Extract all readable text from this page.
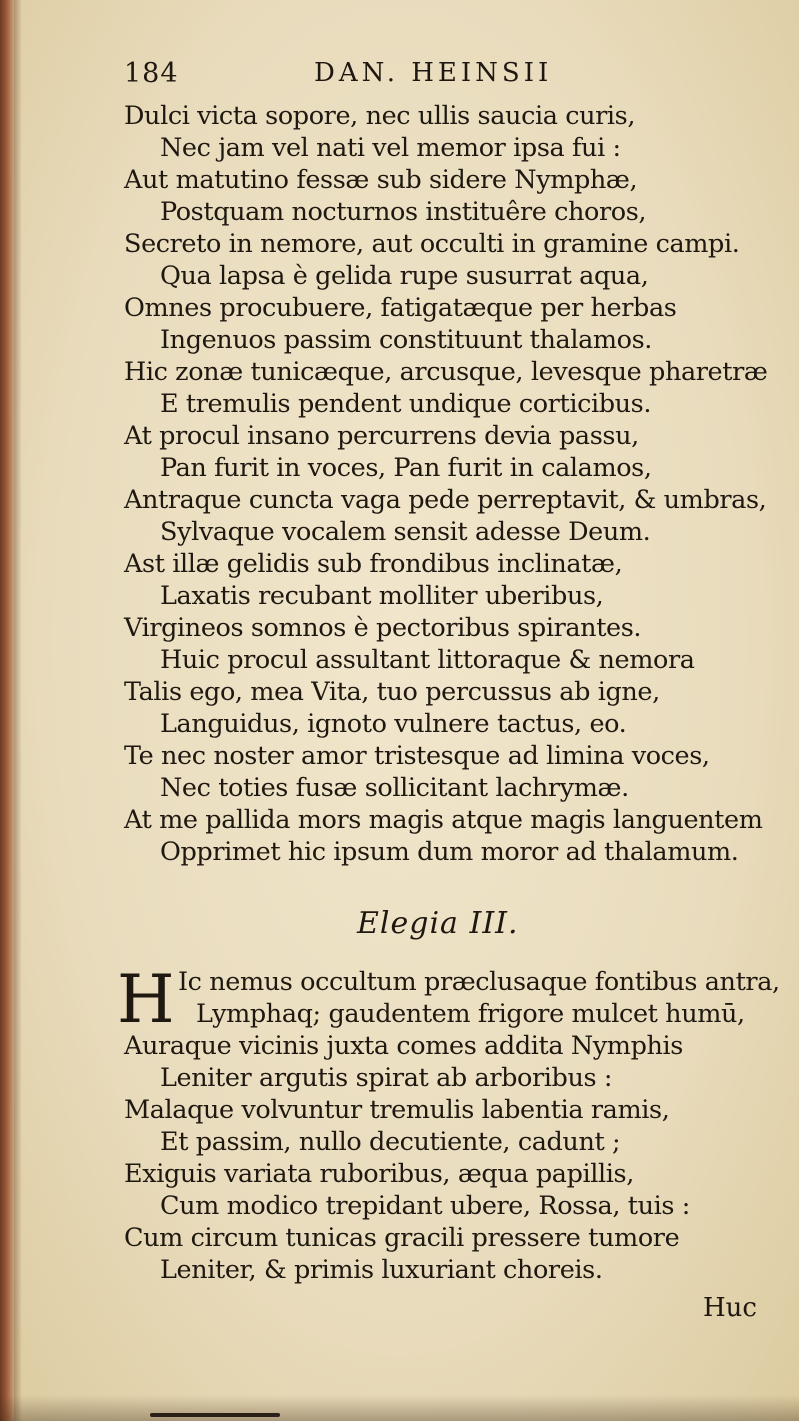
184	DAN. HEINSII
Dulci victa sopore, nec ullis saucia curis,
Nec jam vel nati vel memor ipsa fui :
Aut matutino fessæ sub sidere Nymphæ,
Postquam nocturnos instituêre choros,
Secreto in nemore, aut occulti in gramine campi.
Qua lapsa è gelida rupe susurrat aqua,
Omnes procubuere, fatigatæque per herbas
Ingenuos passim constituunt thalamos.
Hic zonæ tunicæque, arcusque, levesque pharetræ
E tremulis pendent undique corticibus.
At procul insano percurrens devia passu,
Pan furit in voces, Pan furit in calamos,
Antraque cuncta vaga pede perreptavit, & umbras,
Sylvaque vocalem sensit adesse Deum.
Ast illæ gelidis sub frondibus inclinatæ,
Laxatis recubant molliter uberibus,
Virgineos somnos è pectoribus spirantes.
Huic procul assultant littoraque & nemora
Talis ego, mea Vita, tuo percussus ab igne,
Languidus, ignoto vulnere tactus, eo.
Te nec noster amor tristesque ad limina voces,
Nec toties fusæ sollicitant lachrymæ.
At me pallida mors magis atque magis languentem
Opprimet hic ipsum dum moror ad thalamum.
Elegia III.
H Ic nemus occultum præclusaque fontibus antra,
Lymphaq; gaudentem frigore mulcet humū,
Auraque vicinis juxta comes addita Nymphis
Leniter argutis spirat ab arboribus :
Malaque volvuntur tremulis labentia ramis,
Et passim, nullo decutiente, cadunt ;
Exiguis variata ruboribus, æqua papillis,
Cum modico trepidant ubere, Rossa, tuis :
Cum circum tunicas gracili pressere tumore
Leniter, & primis luxuriant choreis.
Huc
